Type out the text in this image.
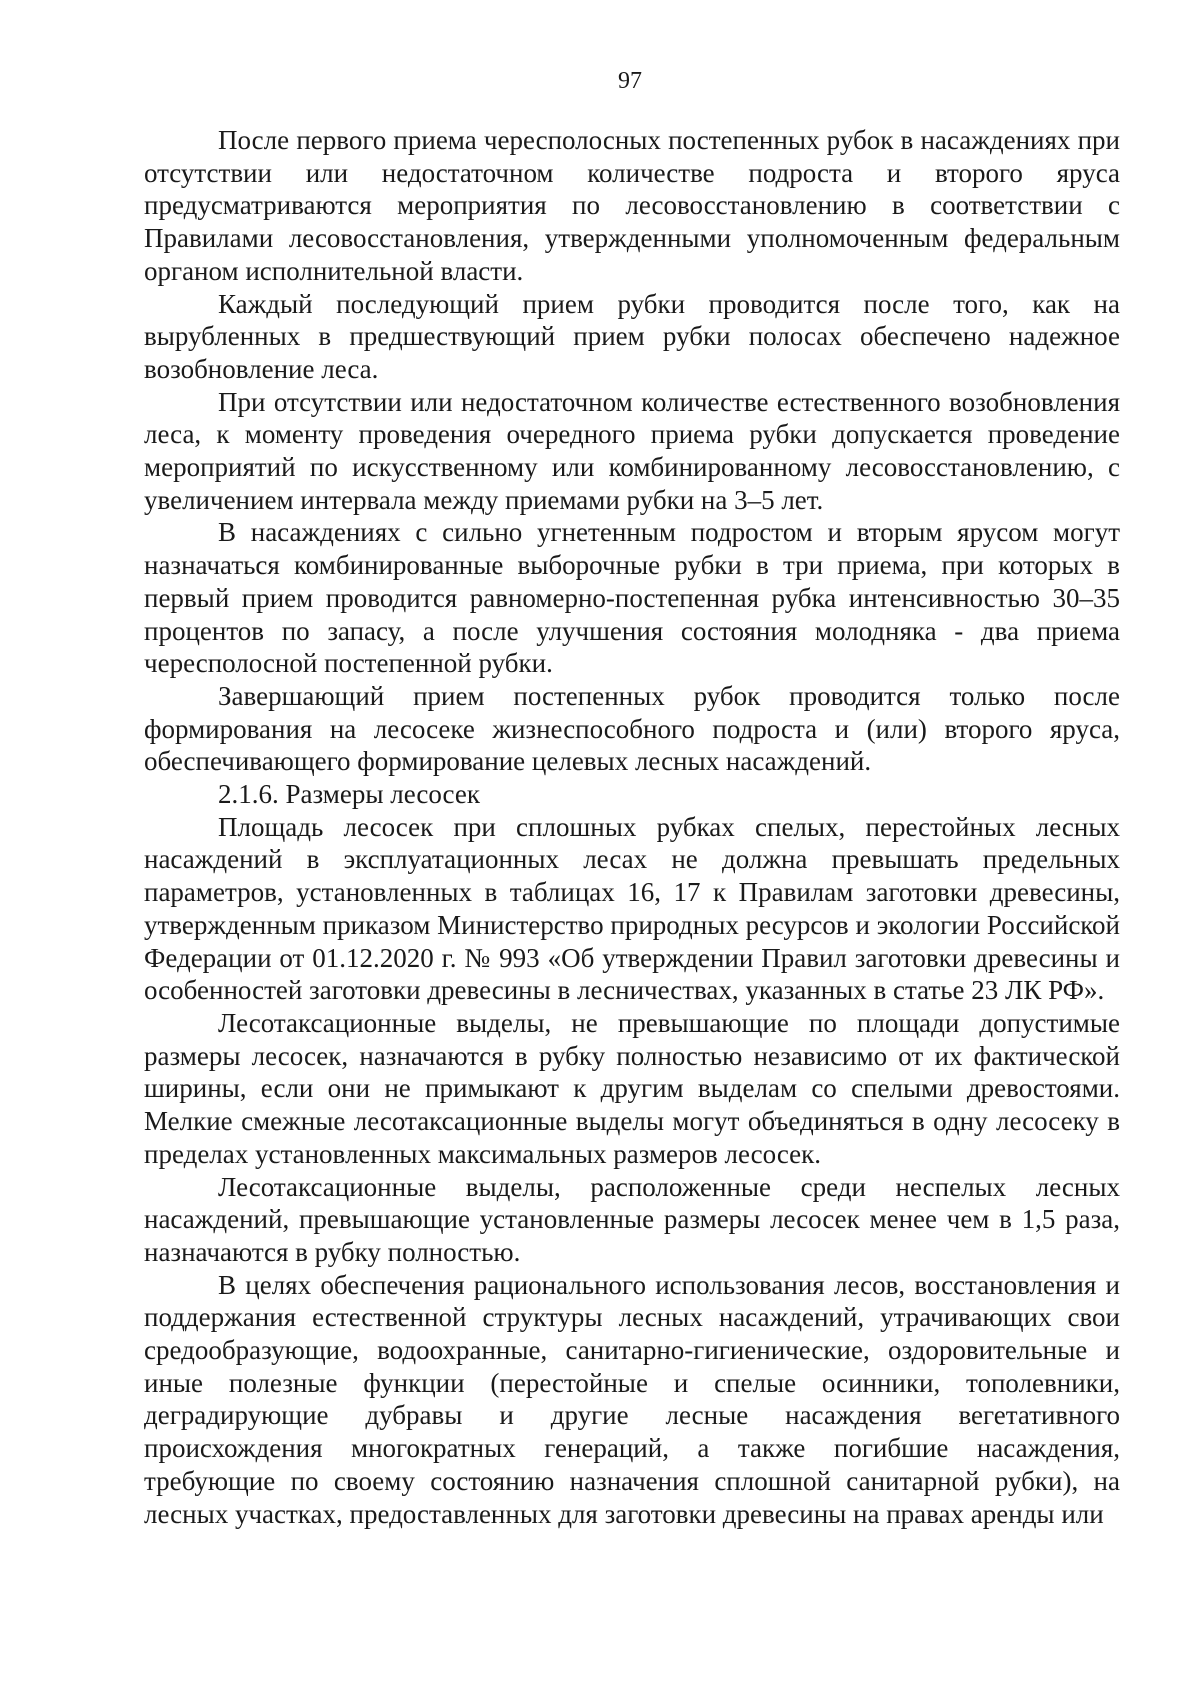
97

После первого приема чересполосных постепенных рубок в насаждениях при отсутствии или недостаточном количестве подроста и второго яруса предусматриваются мероприятия по лесовосстановлению в соответствии с Правилами лесовосстановления, утвержденными уполномоченным федеральным органом исполнительной власти.

Каждый последующий прием рубки проводится после того, как на вырубленных в предшествующий прием рубки полосах обеспечено надежное возобновление леса.

При отсутствии или недостаточном количестве естественного возобновления леса, к моменту проведения очередного приема рубки допускается проведение мероприятий по искусственному или комбинированному лесовосстановлению, с увеличением интервала между приемами рубки на 3–5 лет.

В насаждениях с сильно угнетенным подростом и вторым ярусом могут назначаться комбинированные выборочные рубки в три приема, при которых в первый прием проводится равномерно-постепенная рубка интенсивностью 30–35 процентов по запасу, а после улучшения состояния молодняка - два приема чересполосной постепенной рубки.

Завершающий прием постепенных рубок проводится только после формирования на лесосеке жизнеспособного подроста и (или) второго яруса, обеспечивающего формирование целевых лесных насаждений.

2.1.6. Размеры лесосек

Площадь лесосек при сплошных рубках спелых, перестойных лесных насаждений в эксплуатационных лесах не должна превышать предельных параметров, установленных в таблицах 16, 17 к Правилам заготовки древесины, утвержденным приказом Министерство природных ресурсов и экологии Российской Федерации от 01.12.2020 г. № 993 «Об утверждении Правил заготовки древесины и особенностей заготовки древесины в лесничествах, указанных в статье 23 ЛК РФ».

Лесотаксационные выделы, не превышающие по площади допустимые размеры лесосек, назначаются в рубку полностью независимо от их фактической ширины, если они не примыкают к другим выделам со спелыми древостоями. Мелкие смежные лесотаксационные выделы могут объединяться в одну лесосеку в пределах установленных максимальных размеров лесосек.

Лесотаксационные выделы, расположенные среди неспелых лесных насаждений, превышающие установленные размеры лесосек менее чем в 1,5 раза, назначаются в рубку полностью.

В целях обеспечения рационального использования лесов, восстановления и поддержания естественной структуры лесных насаждений, утрачивающих свои средообразующие, водоохранные, санитарно-гигиенические, оздоровительные и иные полезные функции (перестойные и спелые осинники, тополевники, деградирующие дубравы и другие лесные насаждения вегетативного происхождения многократных генераций, а также погибшие насаждения, требующие по своему состоянию назначения сплошной санитарной рубки), на лесных участках, предоставленных для заготовки древесины на правах аренды или
